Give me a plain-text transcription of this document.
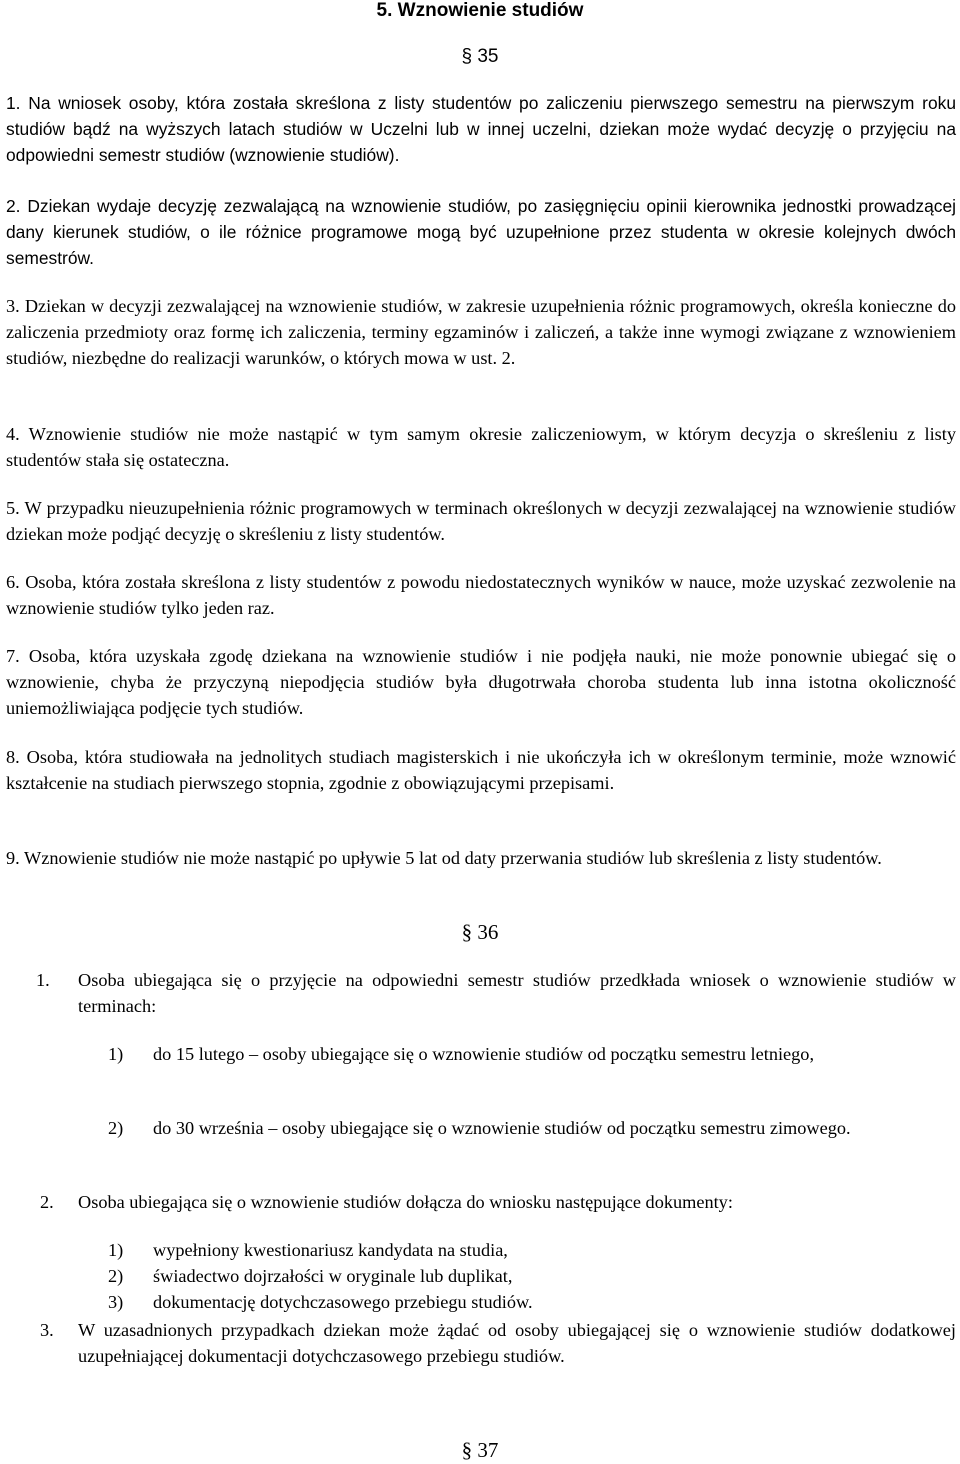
5. Wznowienie studiów
§ 35
1. Na wniosek osoby, która została skreślona z listy studentów po zaliczeniu pierwszego semestru na pierwszym roku studiów bądź na wyższych latach studiów w Uczelni lub w innej uczelni, dziekan może wydać decyzję o przyjęciu na odpowiedni semestr studiów (wznowienie studiów).
2. Dziekan wydaje decyzję zezwalającą na wznowienie studiów, po zasięgnięciu opinii kierownika jednostki prowadzącej dany kierunek studiów, o ile różnice programowe mogą być uzupełnione przez studenta w okresie kolejnych dwóch semestrów.
3. Dziekan w decyzji zezwalającej na wznowienie studiów, w zakresie uzupełnienia różnic programowych, określa konieczne do zaliczenia przedmioty oraz formę ich zaliczenia, terminy egzaminów i zaliczeń, a także inne wymogi związane z wznowieniem studiów, niezbędne do realizacji warunków, o których mowa w ust. 2.
4. Wznowienie studiów nie może nastąpić w tym samym okresie zaliczeniowym, w którym decyzja o skreśleniu z listy studentów stała się ostateczna.
5. W przypadku nieuzupełnienia różnic programowych w terminach określonych w decyzji zezwalającej na wznowienie studiów dziekan może podjąć decyzję o skreśleniu z listy studentów.
6. Osoba, która została skreślona z listy studentów z powodu niedostatecznych wyników w nauce, może uzyskać zezwolenie na wznowienie studiów tylko jeden raz.
7. Osoba, która uzyskała zgodę dziekana na wznowienie studiów i nie podjęła nauki, nie może ponownie ubiegać się o wznowienie, chyba że przyczyną niepodjęcia studiów była długotrwała choroba studenta lub inna istotna okoliczność uniemożliwiająca podjęcie tych studiów.
8. Osoba, która studiowała na jednolitych studiach magisterskich i nie ukończyła ich w określonym terminie, może wznowić kształcenie na studiach pierwszego stopnia, zgodnie z obowiązującymi przepisami.
9. Wznowienie studiów nie może nastąpić po upływie 5 lat od daty przerwania studiów lub skreślenia z listy studentów.
§ 36
1. Osoba ubiegająca się o przyjęcie na odpowiedni semestr studiów przedkłada wniosek o wznowienie studiów w terminach:
1) do 15 lutego – osoby ubiegające się o wznowienie studiów od początku semestru letniego,
2) do 30 września – osoby ubiegające się o wznowienie studiów od początku semestru zimowego.
2. Osoba ubiegająca się o wznowienie studiów dołącza do wniosku następujące dokumenty:
1) wypełniony kwestionariusz kandydata na studia,
2) świadectwo dojrzałości w oryginale lub duplikat,
3) dokumentację dotychczasowego przebiegu studiów.
3. W uzasadnionych przypadkach dziekan może żądać od osoby ubiegającej się o wznowienie studiów dodatkowej uzupełniającej dokumentacji dotychczasowego przebiegu studiów.
§ 37
